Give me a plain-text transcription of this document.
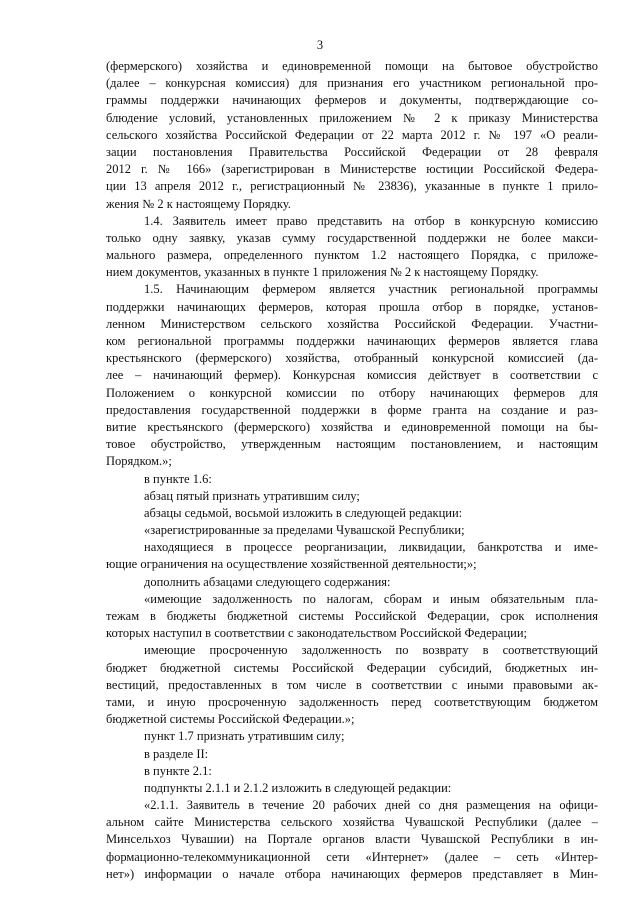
3
(фермерского) хозяйства и единовременной помощи на бытовое обустройство
(далее – конкурсная комиссия) для признания его участником региональной про-
граммы поддержки начинающих фермеров и документы, подтверждающие со-
блюдение условий, установленных приложением № 2 к приказу Министерства
сельского хозяйства Российской Федерации от 22 марта 2012 г. № 197 «О реали-
зации постановления Правительства Российской Федерации от 28 февраля
2012 г. № 166» (зарегистрирован в Министерстве юстиции Российской Федера-
ции 13 апреля 2012 г., регистрационный № 23836), указанные в пункте 1 прило-
жения № 2 к настоящему Порядку.
1.4. Заявитель имеет право представить на отбор в конкурсную комиссию
только одну заявку, указав сумму государственной поддержки не более макси-
мального размера, определенного пунктом 1.2 настоящего Порядка, с приложе-
нием документов, указанных в пункте 1 приложения № 2 к настоящему Порядку.
1.5. Начинающим фермером является участник региональной программы
поддержки начинающих фермеров, которая прошла отбор в порядке, установ-
ленном Министерством сельского хозяйства Российской Федерации. Участни-
ком региональной программы поддержки начинающих фермеров является глава
крестьянского (фермерского) хозяйства, отобранный конкурсной комиссией (да-
лее – начинающий фермер). Конкурсная комиссия действует в соответствии с
Положением о конкурсной комиссии по отбору начинающих фермеров для
предоставления государственной поддержки в форме гранта на создание и раз-
витие крестьянского (фермерского) хозяйства и единовременной помощи на бы-
товое обустройство, утвержденным настоящим постановлением, и настоящим
Порядком.»;
в пункте 1.6:
абзац пятый признать утратившим силу;
абзацы седьмой, восьмой изложить в следующей редакции:
«зарегистрированные за пределами Чувашской Республики;
находящиеся в процессе реорганизации, ликвидации, банкротства и име-
ющие ограничения на осуществление хозяйственной деятельности;»;
дополнить абзацами следующего содержания:
«имеющие задолженность по налогам, сборам и иным обязательным пла-
тежам в бюджеты бюджетной системы Российской Федерации, срок исполнения
которых наступил в соответствии с законодательством Российской Федерации;
имеющие просроченную задолженность по возврату в соответствующий
бюджет бюджетной системы Российской Федерации субсидий, бюджетных ин-
вестиций, предоставленных в том числе в соответствии с иными правовыми ак-
тами, и иную просроченную задолженность перед соответствующим бюджетом
бюджетной системы Российской Федерации.»;
пункт 1.7 признать утратившим силу;
в разделе II:
в пункте 2.1:
подпункты 2.1.1 и 2.1.2 изложить в следующей редакции:
«2.1.1. Заявитель в течение 20 рабочих дней со дня размещения на офици-
альном сайте Министерства сельского хозяйства Чувашской Республики (далее –
Минсельхоз Чувашии) на Портале органов власти Чувашской Республики в ин-
формационно-телекоммуникационной сети «Интернет» (далее – сеть «Интер-
нет») информации о начале отбора начинающих фермеров представляет в Мин-
